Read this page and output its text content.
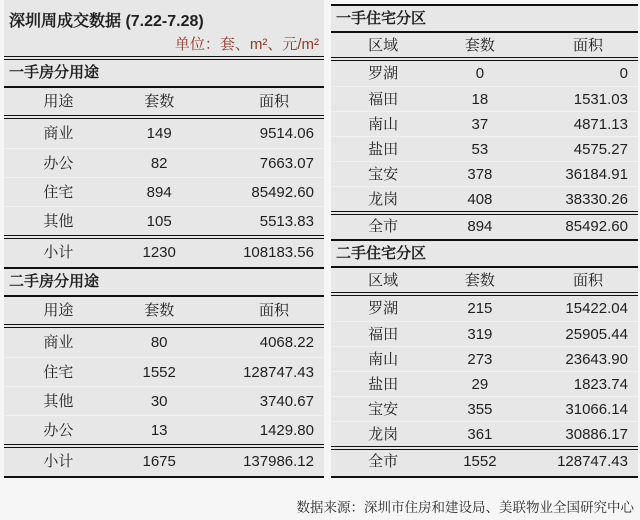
深圳周成交数据 (7.22-7.28)
单位：套、m²、元/m²
一手房分用途
用途	套数	面积
商业	149	9514.06
办公	82	7663.07
住宅	894	85492.60
其他	105	5513.83
小计	1230	108183.56
二手房分用途
用途	套数	面积
商业	80	4068.22
住宅	1552	128747.43
其他	30	3740.67
办公	13	1429.80
小计	1675	137986.12
一手住宅分区
区域	套数	面积
罗湖	0	0
福田	18	1531.03
南山	37	4871.13
盐田	53	4575.27
宝安	378	36184.91
龙岗	408	38330.26
全市	894	85492.60
二手住宅分区
区域	套数	面积
罗湖	215	15422.04
福田	319	25905.44
南山	273	23643.90
盐田	29	1823.74
宝安	355	31066.14
龙岗	361	30886.17
全市	1552	128747.43
数据来源：深圳市住房和建设局、美联物业全国研究中心
